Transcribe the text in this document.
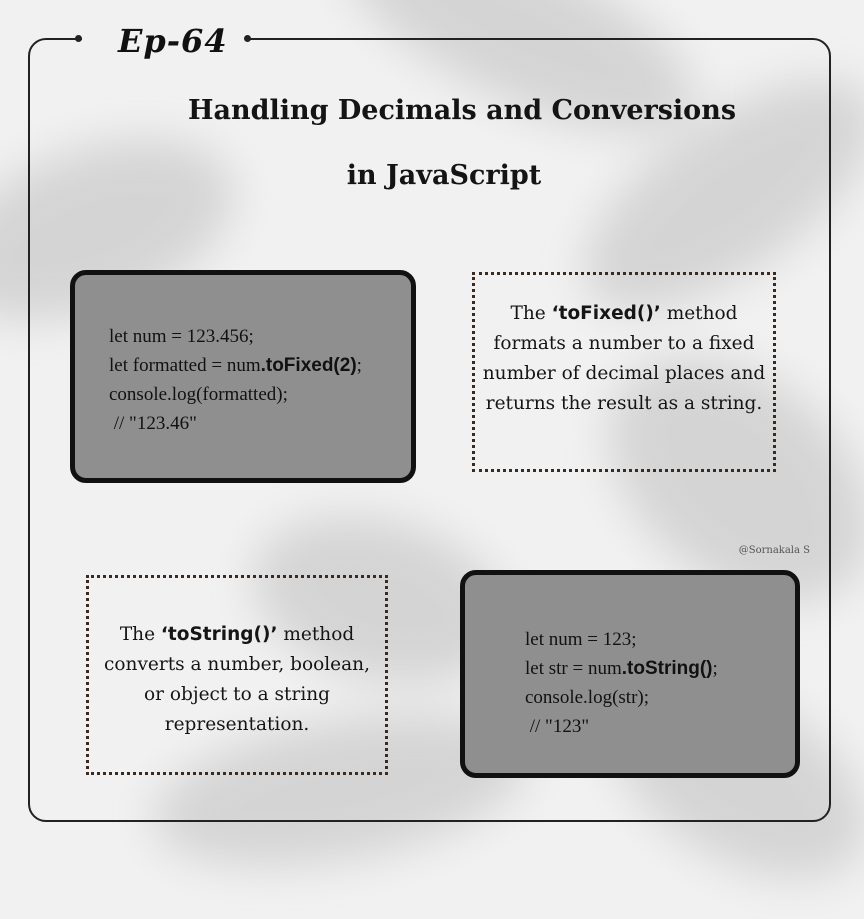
Ep-64
Handling Decimals and Conversions
in JavaScript
let num = 123.456;
let formatted = num.toFixed(2);
console.log(formatted);
// "123.46"
The ‘toFixed()’ method formats a number to a fixed number of decimal places and returns the result as a string.
@Sornakala S
The ‘toString()’ method converts a number, boolean, or object to a string representation.
let num = 123;
let str = num.toString();
console.log(str);
// "123"
